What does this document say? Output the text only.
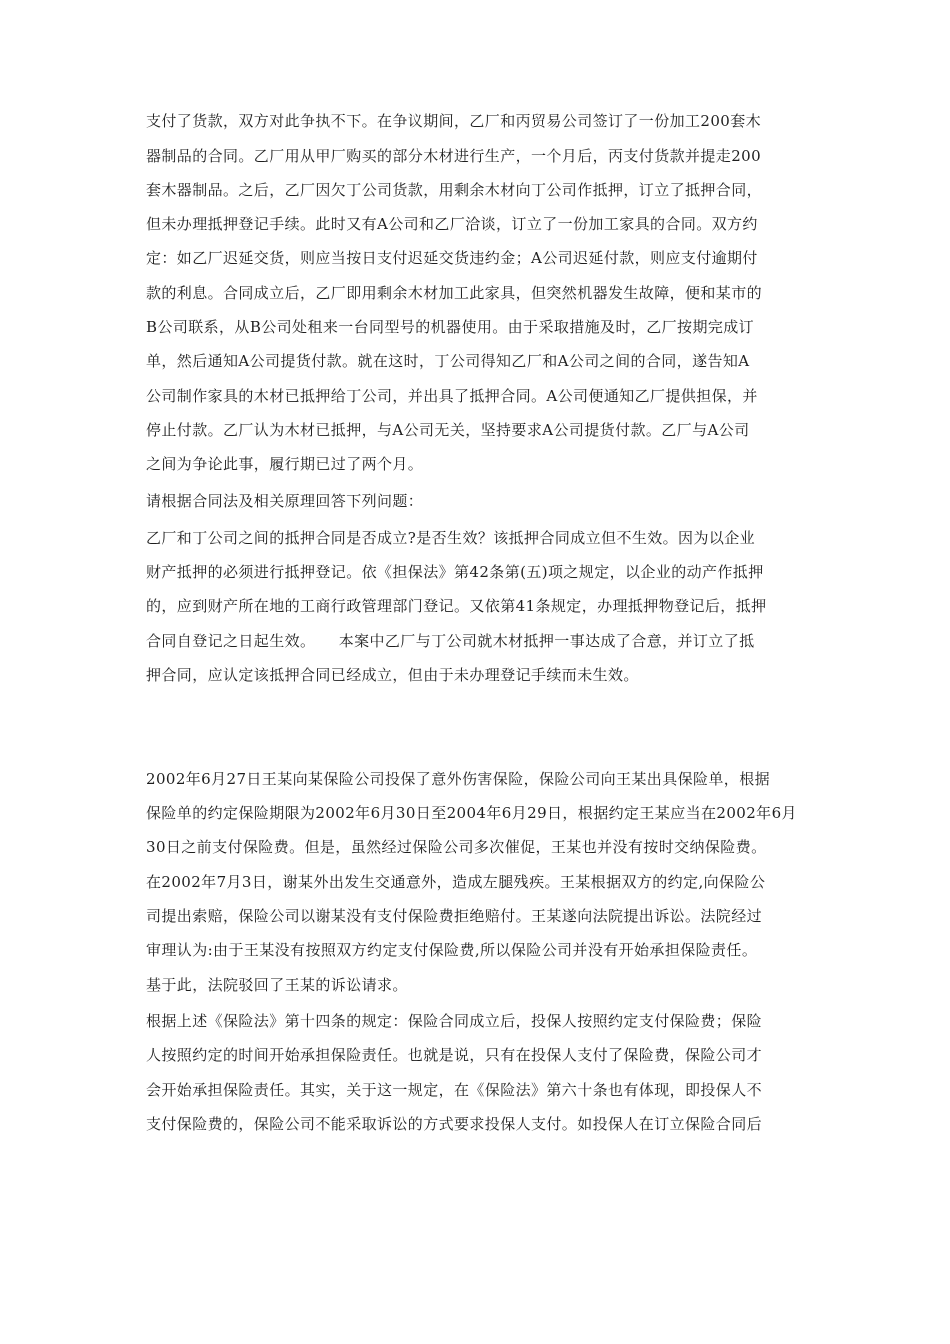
支付了货款，双方对此争执不下。在争议期间，乙厂和丙贸易公司签订了一份加工200套木
器制品的合同。乙厂用从甲厂购买的部分木材进行生产，一个月后，丙支付货款并提走200
套木器制品。之后，乙厂因欠丁公司货款，用剩余木材向丁公司作抵押，订立了抵押合同，
但未办理抵押登记手续。此时又有A公司和乙厂洽谈，订立了一份加工家具的合同。双方约
定：如乙厂迟延交货，则应当按日支付迟延交货违约金；A公司迟延付款，则应支付逾期付
款的利息。合同成立后，乙厂即用剩余木材加工此家具，但突然机器发生故障，便和某市的
B公司联系，从B公司处租来一台同型号的机器使用。由于采取措施及时，乙厂按期完成订
单，然后通知A公司提货付款。就在这时，丁公司得知乙厂和A公司之间的合同，遂告知A
公司制作家具的木材已抵押给丁公司，并出具了抵押合同。A公司便通知乙厂提供担保，并
停止付款。乙厂认为木材已抵押，与A公司无关，坚持要求A公司提货付款。乙厂与A公司
之间为争论此事，履行期已过了两个月。
请根据合同法及相关原理回答下列问题：
乙厂和丁公司之间的抵押合同是否成立?是否生效？该抵押合同成立但不生效。因为以企业
财产抵押的必须进行抵押登记。依《担保法》第42条第(五)项之规定，以企业的动产作抵押
的，应到财产所在地的工商行政管理部门登记。又依第41条规定，办理抵押物登记后，抵押
合同自登记之日起生效。　　本案中乙厂与丁公司就木材抵押一事达成了合意，并订立了抵
押合同，应认定该抵押合同已经成立，但由于未办理登记手续而未生效。
2002年6月27日王某向某保险公司投保了意外伤害保险，保险公司向王某出具保险单，根据
保险单的约定保险期限为2002年6月30日至2004年6月29日，根据约定王某应当在2002年6月
30日之前支付保险费。但是，虽然经过保险公司多次催促，王某也并没有按时交纳保险费。
在2002年7月3日，谢某外出发生交通意外，造成左腿残疾。王某根据双方的约定,向保险公
司提出索赔，保险公司以谢某没有支付保险费拒绝赔付。王某遂向法院提出诉讼。法院经过
审理认为:由于王某没有按照双方约定支付保险费,所以保险公司并没有开始承担保险责任。
基于此，法院驳回了王某的诉讼请求。
根据上述《保险法》第十四条的规定：保险合同成立后，投保人按照约定支付保险费；保险
人按照约定的时间开始承担保险责任。也就是说，只有在投保人支付了保险费，保险公司才
会开始承担保险责任。其实，关于这一规定，在《保险法》第六十条也有体现，即投保人不
支付保险费的，保险公司不能采取诉讼的方式要求投保人支付。如投保人在订立保险合同后
